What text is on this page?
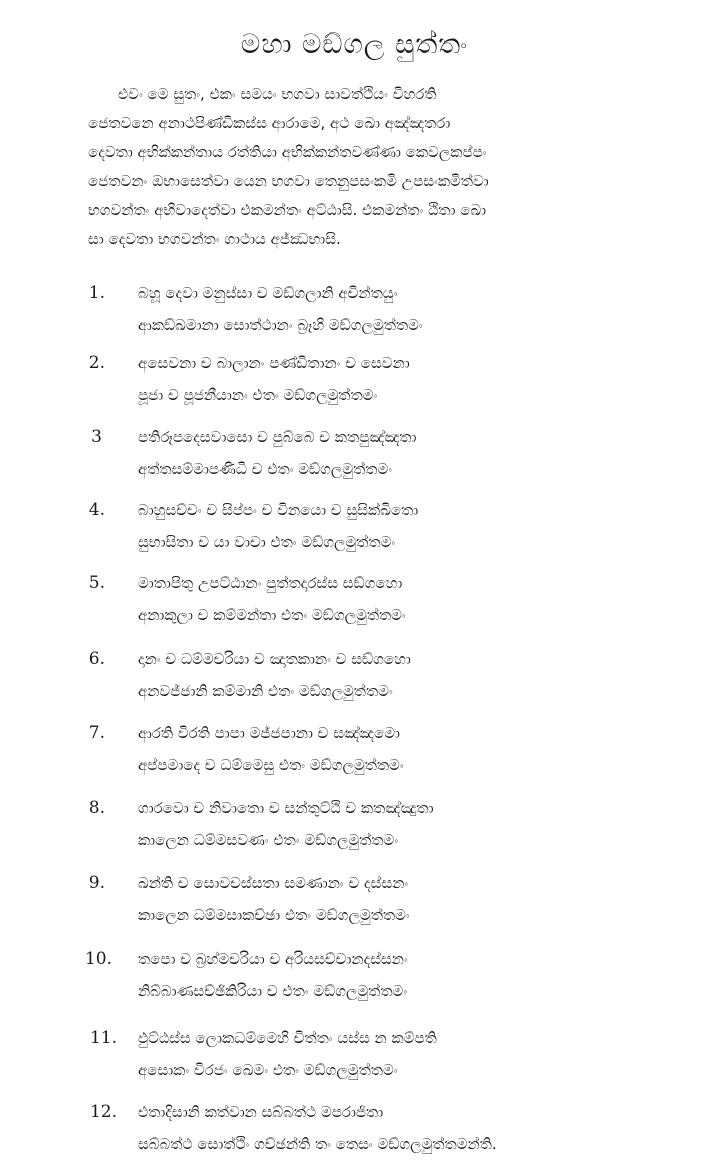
මහා මඞ්ගල සුත්තං

එවං මෙ සුතං, එකං සමයං භගවා සාවත්ථියං විහරති

ජෙතවනෙ අනාථපිණ්ඩිකස්ස ආරාමෙ, අථ ඛො අඤ්ඤතරා

දෙවතා අභික්කන්තාය රත්තියා අභික්කන්තවණ්ණා කෙවලකප්පං

ජෙතවනං ඔභාසෙත්වා යෙන භගවා තෙනුපසංකමි උපසංකමිත්වා

භගවන්තං අභිවාදෙත්වා එකමන්තං අට්ඨාසි. එකමන්තං ඨිතා ඛො

සා දෙවතා භගවන්තං ගාථාය අජ්ඣභාසි.

1. බහූ දෙවා මනුස්සා ච මඞ්ගලානි අචින්තයුං
ආකඞ්ඛමානා සොත්ථානං බ්‍රෑහි මඞ්ගලමුත්තමං
2. අසෙවනා ච බාලානං පණ්ඩිතානං ච සෙවනා
පූජා ච පූජනීයානං එතං මඞ්ගලමුත්තමං
3 පතිරූපදෙසවාසො ච පුබ්බෙ ච කතපුඤ්ඤතා
අත්තසම්මාපණිධි ච එතං මඞ්ගලමුත්තමං
4. බාහුසච්චං ච සිප්පං ච විනයො ච සුසික්ඛිතො
සුභාසිතා ච යා වාචා එතං මඞ්ගලමුත්තමං
5. මාතාපිතු උපට්ඨානං පුත්තදාරස්ස සඞ්ගහො
අනාකුලා ච කම්මන්තා එතං මඞ්ගලමුත්තමං
6. දානං ච ධම්මචරියා ච ඤාතකානං ච සඞ්ගහො
අනවජ්ජානි කම්මානි එතං මඞ්ගලමුත්තමං
7. ආරති විරති පාපා මජ්ජපානා ච සඤ්ඤමො
අප්පමාදෙ ච ධම්මෙසු එතං මඞ්ගලමුත්තමං
8. ගාරවො ච නිවාතො ච සන්තුට්ඨි ච කතඤ්ඤුතා
කාලෙන ධම්මසවණං එතං මඞ්ගලමුත්තමං
9. ඛන්ති ච සොවචස්සතා සමණානං ච දස්සනං
කාලෙන ධම්මසාකච්ඡා එතං මඞ්ගලමුත්තමං
10. තපො ච බ්‍රහ්මචරියා ච අරියසච්චානදස්සනං
නිබ්බාණසච්ඡිකිරියා ච එතං මඞ්ගලමුත්තමං
11. ඵුට්ඨස්ස ලොකධම්මෙහි චිත්තං යස්ස න කම්පති
අසොකං විරජං ඛෙමං එතං මඞ්ගලමුත්තමං
12. එතාදිසානි කත්වාන සබ්බත්ථ මපරාජිතා
සබ්බත්ථ සොත්ථිං ගච්ඡන්ති තං තෙසං මඞ්ගලමුත්තමන්ති.
